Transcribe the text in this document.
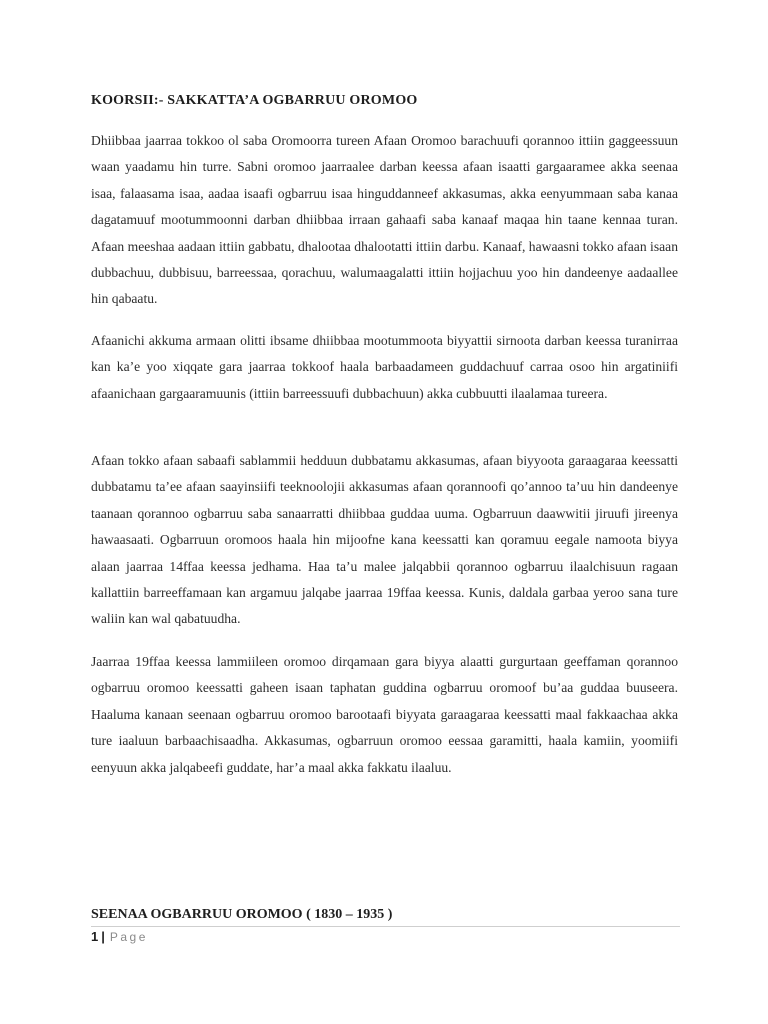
KOORSII:- SAKKATTA’A OGBARRUU OROMOO
Dhiibbaa jaarraa tokkoo ol saba Oromoorra tureen Afaan Oromoo barachuufi qorannoo ittiin gaggeessuun waan yaadamu hin turre. Sabni oromoo jaarraalee darban keessa afaan isaatti gargaarameе akka seenaa isaa, falaasama isaa, aadaa isaafi ogbarruu isaa hinguddanneef akkasumas, akka eenyummaan saba kanaa dagatamuuf mootummoonni darban dhiibbaa irraan gahaafi saba kanaaf maqaa hin taane kennaa turan. Afaan meeshaa aadaan ittiin gabbatu, dhalootaa dhalootatti ittiin darbu. Kanaaf, hawaasni tokko afaan isaan dubbachuu, dubbisuu, barreessaa, qorachuu, walumaagalatti ittiin hojjachuu yoo hin dandeenye aadaallee hin qabaatu.
Afaanichi akkuma armaan olitti ibsame dhiibbaa mootummoota biyyattii sirnoota darban keessa turanirraa kan ka’e yoo xiqqate gara jaarraa tokkoof haala barbaadameen guddachuuf carraa osoo hin argatiniifi afaanichaan gargaaramuunis (ittiin barreessuufi dubbachuun) akka cubbuutti ilaalamaa tureera.
Afaan tokko afaan sabaafi sablammii hedduun dubbatamu akkasumas, afaan biyyoota garaagaraa keessatti dubbatamu ta’ee afaan saayinsiifi teeknoolojii akkasumas afaan qorannoofi qo’annoo ta’uu hin dandeenye taanaan qorannoo ogbarruu saba sanaarratti dhiibbaa guddaa uuma. Ogbarruun daawwitii jiruufi jireenya hawaasaati. Ogbarruun oromoos haala hin mijoofne kana keessatti kan qoramuu eegale namoota biyya alaan jaarraa 14ffaa keessa jedhama. Haa ta’u malee jalqabbii qorannoo ogbarruu ilaalchisuun ragaan kallattiin barreeffamaan kan argamuu jalqabe jaarraa 19ffaa keessa. Kunis, daldala garbaa yeroo sana ture waliin kan wal qabatuudha.
Jaarraa 19ffaa keessa lammiileen oromoo dirqamaan gara biyya alaatti gurgurtaan geeffaman qorannoo ogbarruu oromoo keessatti gaheen isaan taphatan guddina ogbarruu oromoof bu’aa guddaa buuseera. Haaluma kanaan seenaan ogbarruu oromoo barootaafi biyyata garaagaraa keessatti maal fakkaachaa akka ture iaaluun barbaachisaadha. Akkasumas, ogbarruun oromoo eessaa garamitti, haala kamiin, yoomiifi eenyuun akka jalqabeefi guddate, har’a maal akka fakkatu ilaaluu.
SEENAA OGBARRUU OROMOO ( 1830 – 1935 )
1 | Page
